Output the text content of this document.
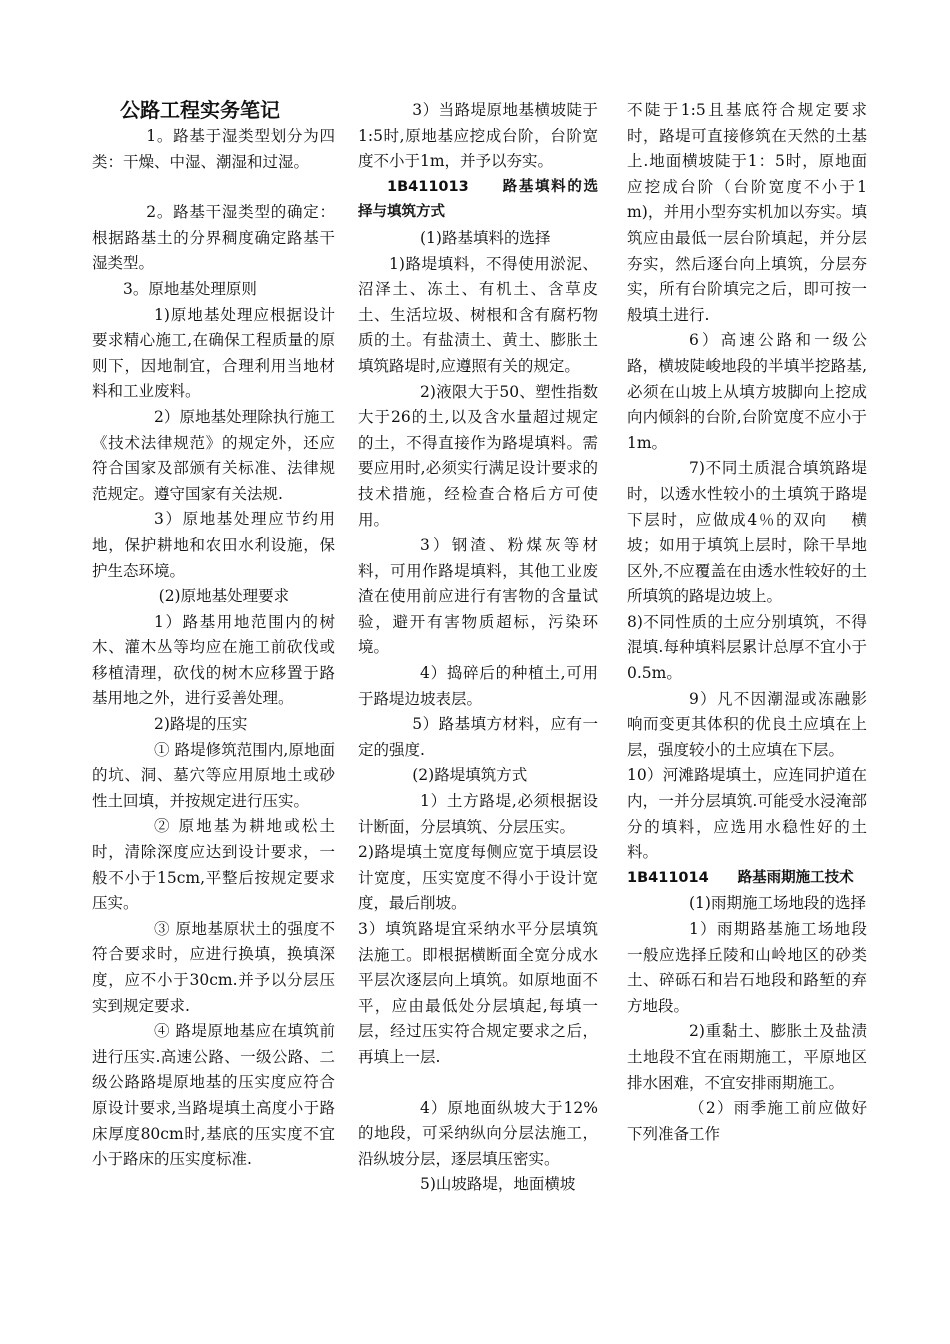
公路工程实务笔记

1。路基于湿类型划分为四类：干燥、中湿、潮湿和过湿。

2。路基干湿类型的确定：根据路基土的分界稠度确定路基干湿类型。

3。原地基处理原则

1)原地基处理应根据设计要求精心施工,在确保工程质量的原则下，因地制宜，合理利用当地材料和工业废料。

2）原地基处理除执行施工《技术法律规范》的规定外，还应符合国家及部颁有关标准、法律规范规定。遵守国家有关法规.

3）原地基处理应节约用地，保护耕地和农田水利设施，保护生态环境。

(2)原地基处理要求

1）路基用地范围内的树木、灌木丛等均应在施工前砍伐或移植清理，砍伐的树木应移置于路基用地之外，进行妥善处理。

2)路堤的压实

① 路堤修筑范围内,原地面的坑、洞、墓穴等应用原地土或砂性土回填，并按规定进行压实。

② 原地基为耕地或松土时，清除深度应达到设计要求，一般不小于15cm,平整后按规定要求压实。

③ 原地基原状土的强度不符合要求时，应进行换填，换填深度，应不小于30cm.并予以分层压实到规定要求.

④ 路堤原地基应在填筑前进行压实.高速公路、一级公路、二级公路路堤原地基的压实度应符合原设计要求,当路堤填土高度小于路床厚度80cm时,基底的压实度不宜小于路床的压实度标准.

3）当路堤原地基横坡陡于1:5时,原地基应挖成台阶，台阶宽度不小于1m，并予以夯实。

1B411013　　路基填料的选择与填筑方式

(1)路基填料的选择

1)路堤填料，不得使用淤泥、沼泽土、冻土、有机土、含草皮土、生活垃圾、树根和含有腐朽物质的土。有盐渍土、黄土、膨胀土填筑路堤时,应遵照有关的规定。

2)液限大于50、塑性指数大于26的土,以及含水量超过规定的土，不得直接作为路堤填料。需要应用时,必须实行满足设计要求的技术措施，经检查合格后方可使用。

3）钢渣、粉煤灰等材料，可用作路堤填料，其他工业废渣在使用前应进行有害物的含量试验，避开有害物质超标，污染环境。

4）捣碎后的种植土,可用于路堤边坡表层。

5）路基填方材料，应有一定的强度.

(2)路堤填筑方式

1）土方路堤,必须根据设计断面，分层填筑、分层压实。

2)路堤填土宽度每侧应宽于填层设计宽度，压实宽度不得小于设计宽度，最后削坡。

3）填筑路堤宜采纳水平分层填筑法施工。即根据横断面全宽分成水平层次逐层向上填筑。如原地面不平，应由最低处分层填起,每填一层，经过压实符合规定要求之后，再填上一层.

4）原地面纵坡大于12%的地段，可采纳纵向分层法施工，沿纵坡分层，逐层填压密实。

5)山坡路堤，地面横坡

不陡于1:5且基底符合规定要求时，路堤可直接修筑在天然的土基上.地面横坡陡于1：5时，原地面应挖成台阶（台阶宽度不小于1m)，并用小型夯实机加以夯实。填筑应由最低一层台阶填起，并分层夯实，然后逐台向上填筑，分层夯实，所有台阶填完之后，即可按一般填土进行.

6）高速公路和一级公路，横坡陡峻地段的半填半挖路基,必须在山坡上从填方坡脚向上挖成向内倾斜的台阶,台阶宽度不应小于1m。

7)不同土质混合填筑路堤时，以透水性较小的土填筑于路堤下层时，应做成4％的双向　 横坡；如用于填筑上层时，除干旱地区外,不应覆盖在由透水性较好的土所填筑的路堤边坡上。

8)不同性质的土应分别填筑，不得混填.每种填料层累计总厚不宜小于0.5m。

9）凡不因潮湿或冻融影响而变更其体积的优良土应填在上层，强度较小的土应填在下层。

10）河滩路堤填土，应连同护道在内，一并分层填筑.可能受水浸淹部分的填料，应选用水稳性好的土料。

1B411014　　路基雨期施工技术

(1)雨期施工场地段的选择

1）雨期路基施工场地段一般应选择丘陵和山岭地区的砂类土、碎砾石和岩石地段和路堑的弃方地段。

2)重黏土、膨胀土及盐渍土地段不宜在雨期施工，平原地区排水困难，不宜安排雨期施工。

（2）雨季施工前应做好下列准备工作
